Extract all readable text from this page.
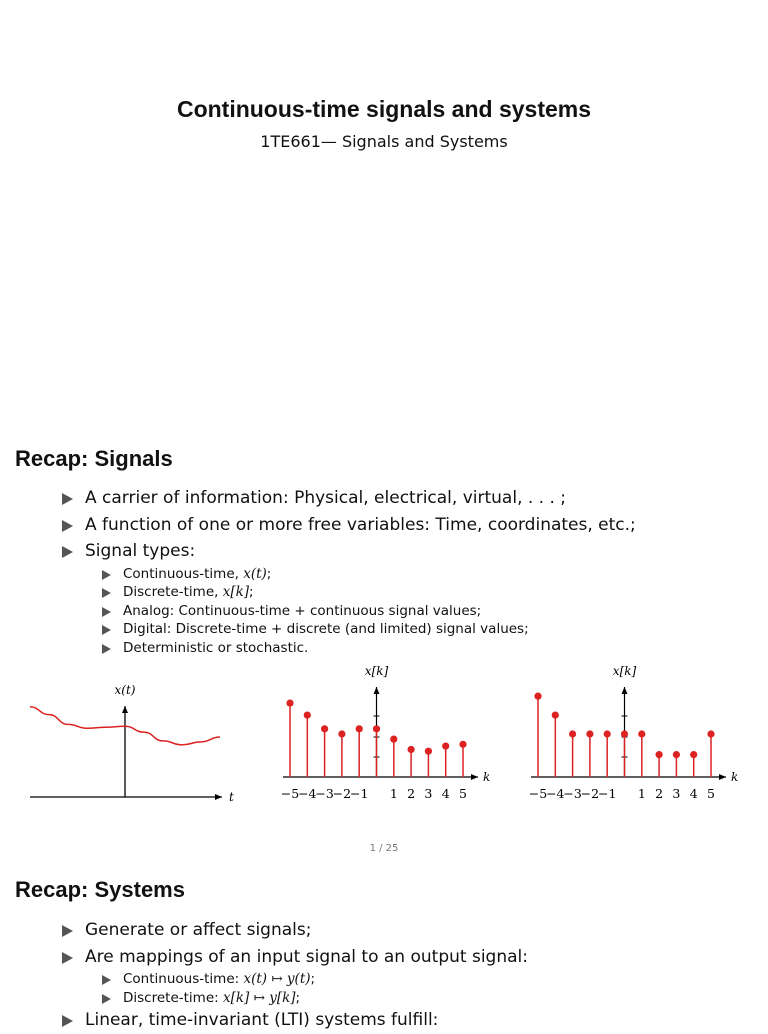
Continuous-time signals and systems
1TE661— Signals and Systems
Recap: Signals
A carrier of information: Physical, electrical, virtual, . . . ;
A function of one or more free variables: Time, coordinates, etc.;
Signal types:
Continuous-time, x(t);
Discrete-time, x[k];
Analog: Continuous-time + continuous signal values;
Digital: Discrete-time + discrete (and limited) signal values;
Deterministic or stochastic.
x(t)
t
x[k]
k
−5
−4
−3
−2
−1 1 2 3 4 5
x[k]
k
−5
−4
−3
−2
−1 1 2 3 4 5
1 / 25
Recap: Systems
Generate or affect signals;
Are mappings of an input signal to an output signal:
Continuous-time: x(t) ↦ y(t);
Discrete-time: x[k] ↦ y[k];
Linear, time-invariant (LTI) systems fulfill:
